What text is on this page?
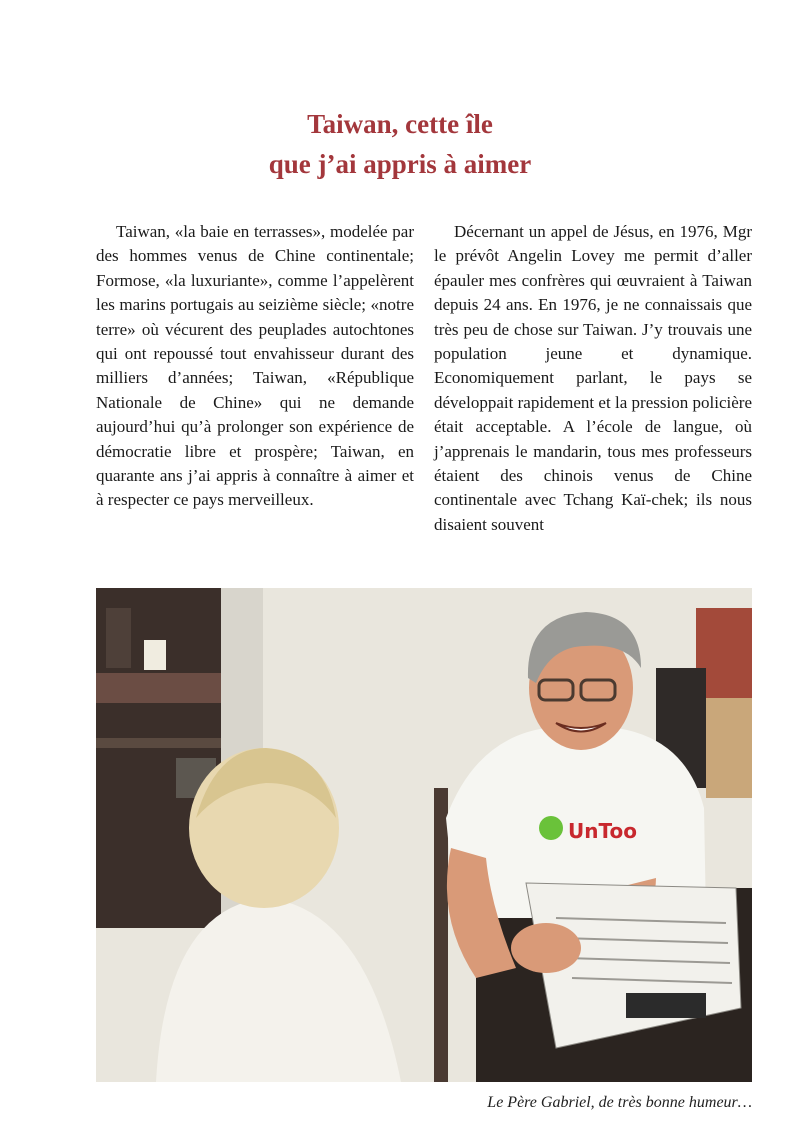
Taiwan, cette île
que j’ai appris à aimer

Taiwan, «la baie en terrasses», modelée par des hommes venus de Chine continentale; Formose, «la luxuriante», comme l’appelèrent les marins portugais au seizième siècle; «notre terre» où vécurent des peuplades autochtones qui ont repoussé tout envahisseur durant des milliers d’années; Taiwan, «République Nationale de Chine» qui ne demande aujourd’hui qu’à prolonger son expérience de démocratie libre et prospère; Taiwan, en quarante ans j’ai appris à connaître à aimer et à respecter ce pays merveilleux.

Décernant un appel de Jésus, en 1976, Mgr le prévôt Angelin Lovey me permit d’aller épauler mes confrères qui œuvraient à Taiwan depuis 24 ans. En 1976, je ne connaissais que très peu de chose sur Taiwan. J’y trouvais une population jeune et dynamique. Economiquement parlant, le pays se développait rapidement et la pression policière était acceptable. A l’école de langue, où j’apprenais le mandarin, tous mes professeurs étaient des chinois venus de Chine continentale avec Tchang Kaï-chek; ils nous disaient souvent

UnToo

Le Père Gabriel, de très bonne humeur…
